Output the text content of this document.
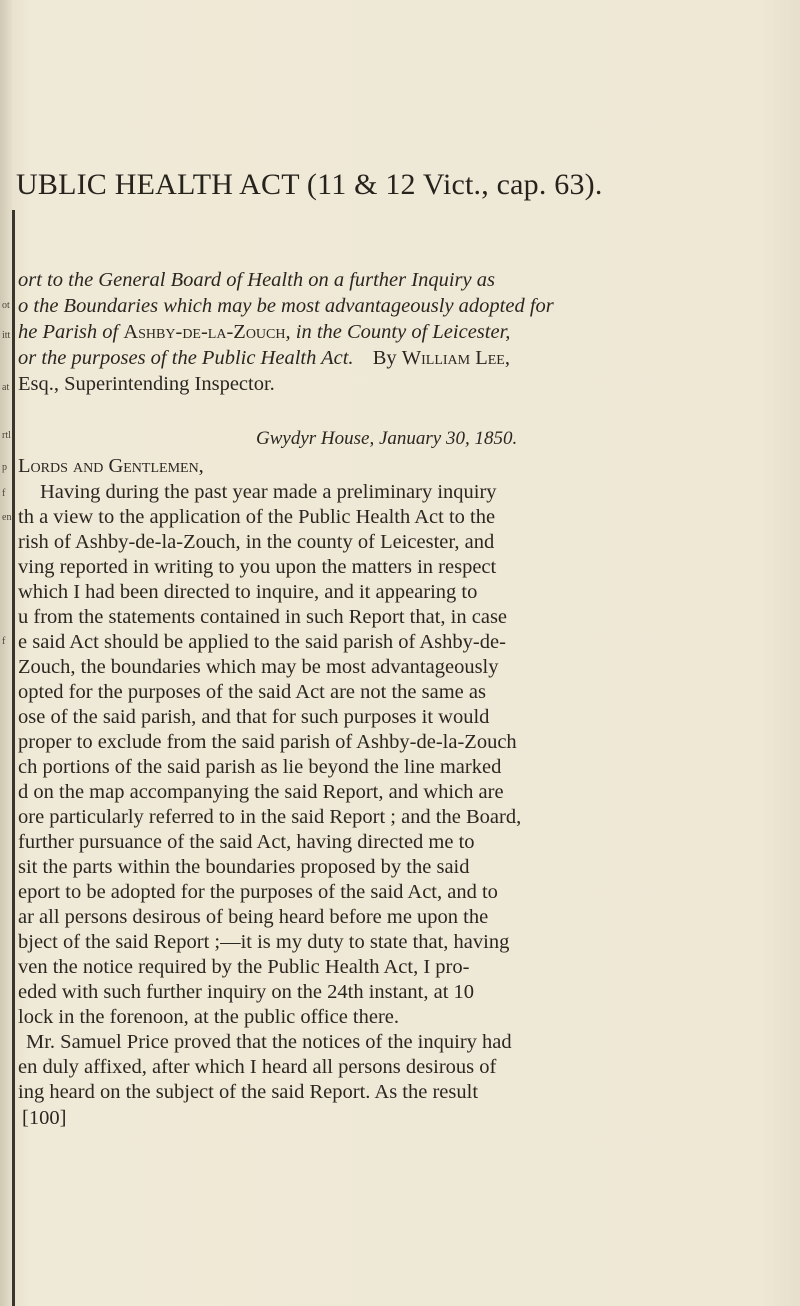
UBLIC HEALTH ACT (11 & 12 Vict., cap. 63).
ort to the General Board of Health on a further Inquiry as
o the Boundaries which may be most advantageously adopted for
he Parish of Ashby-de-la-Zouch, in the County of Leicester,
or the purposes of the Public Health Act. By William Lee,
Esq., Superintending Inspector.
Gwydyr House, January 30, 1850.
Lords and Gentlemen,
Having during the past year made a preliminary inquiry
th a view to the application of the Public Health Act to the
rish of Ashby-de-la-Zouch, in the county of Leicester, and
ving reported in writing to you upon the matters in respect
which I had been directed to inquire, and it appearing to
u from the statements contained in such Report that, in case
e said Act should be applied to the said parish of Ashby-de-
Zouch, the boundaries which may be most advantageously
opted for the purposes of the said Act are not the same as
ose of the said parish, and that for such purposes it would
proper to exclude from the said parish of Ashby-de-la-Zouch
ch portions of the said parish as lie beyond the line marked
d on the map accompanying the said Report, and which are
ore particularly referred to in the said Report ; and the Board,
further pursuance of the said Act, having directed me to
sit the parts within the boundaries proposed by the said
eport to be adopted for the purposes of the said Act, and to
ar all persons desirous of being heard before me upon the
bject of the said Report ;—it is my duty to state that, having
ven the notice required by the Public Health Act, I pro-
eded with such further inquiry on the 24th instant, at 10
lock in the forenoon, at the public office there.
Mr. Samuel Price proved that the notices of the inquiry had
en duly affixed, after which I heard all persons desirous of
ing heard on the subject of the said Report. As the result
[100]
ot
itt
at
rtl
p
f
en
f
